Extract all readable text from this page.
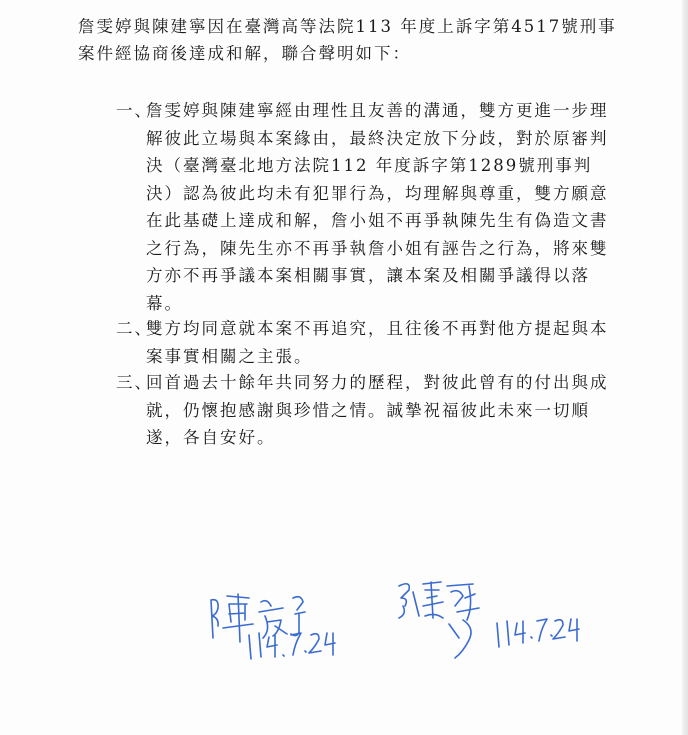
詹雯婷與陳建寧因在臺灣高等法院113 年度上訴字第4517號刑事案件經協商後達成和解，聯合聲明如下：

一、
詹雯婷與陳建寧經由理性且友善的溝通，雙方更進一步理解彼此立場與本案緣由，最終決定放下分歧，對於原審判決（臺灣臺北地方法院112 年度訴字第1289號刑事判決）認為彼此均未有犯罪行為，均理解與尊重，雙方願意在此基礎上達成和解，詹小姐不再爭執陳先生有偽造文書之行為，陳先生亦不再爭執詹小姐有誣告之行為，將來雙方亦不再爭議本案相關事實，讓本案及相關爭議得以落幕。
二、
雙方均同意就本案不再追究，且往後不再對他方提起與本案事實相關之主張。
三、
回首過去十餘年共同努力的歷程，對彼此曾有的付出與成就，仍懷抱感謝與珍惜之情。誠摯祝福彼此未來一切順遂，各自安好。
